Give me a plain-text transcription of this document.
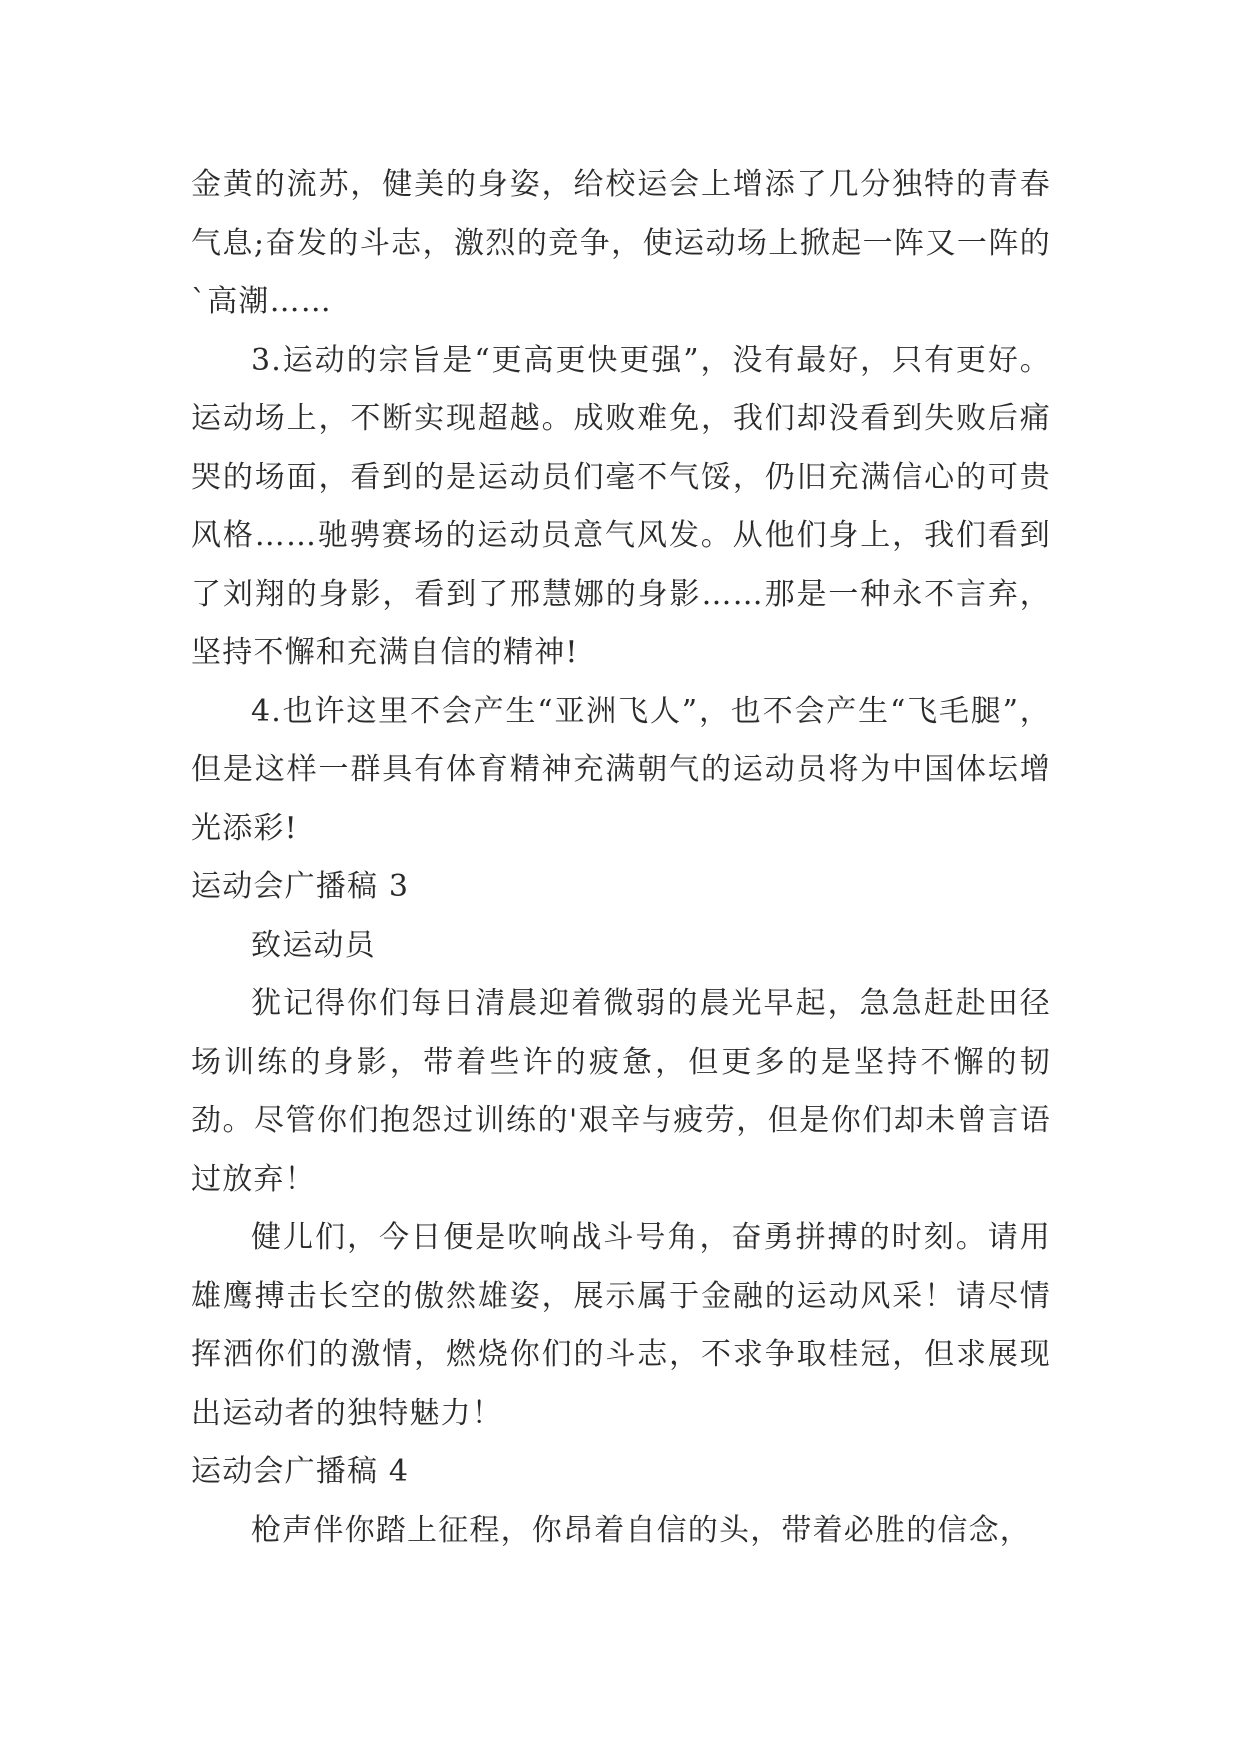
金黄的流苏，健美的身姿，给校运会上增添了几分独特的青春气息;奋发的斗志，激烈的竞争，使运动场上掀起一阵又一阵的`高潮……

3.运动的宗旨是“更高更快更强”，没有最好，只有更好。运动场上，不断实现超越。成败难免，我们却没看到失败后痛哭的场面，看到的是运动员们毫不气馁，仍旧充满信心的可贵风格……驰骋赛场的运动员意气风发。从他们身上，我们看到了刘翔的身影，看到了邢慧娜的身影……那是一种永不言弃，坚持不懈和充满自信的精神!

4.也许这里不会产生“亚洲飞人”，也不会产生“飞毛腿”，但是这样一群具有体育精神充满朝气的运动员将为中国体坛增光添彩!

运动会广播稿 3

致运动员

犹记得你们每日清晨迎着微弱的晨光早起，急急赶赴田径场训练的身影，带着些许的疲惫，但更多的是坚持不懈的韧劲。尽管你们抱怨过训练的'艰辛与疲劳，但是你们却未曾言语过放弃！

健儿们，今日便是吹响战斗号角，奋勇拼搏的时刻。请用雄鹰搏击长空的傲然雄姿，展示属于金融的运动风采！请尽情挥洒你们的激情，燃烧你们的斗志，不求争取桂冠，但求展现出运动者的独特魅力！

运动会广播稿 4

枪声伴你踏上征程，你昂着自信的头，带着必胜的信念，
